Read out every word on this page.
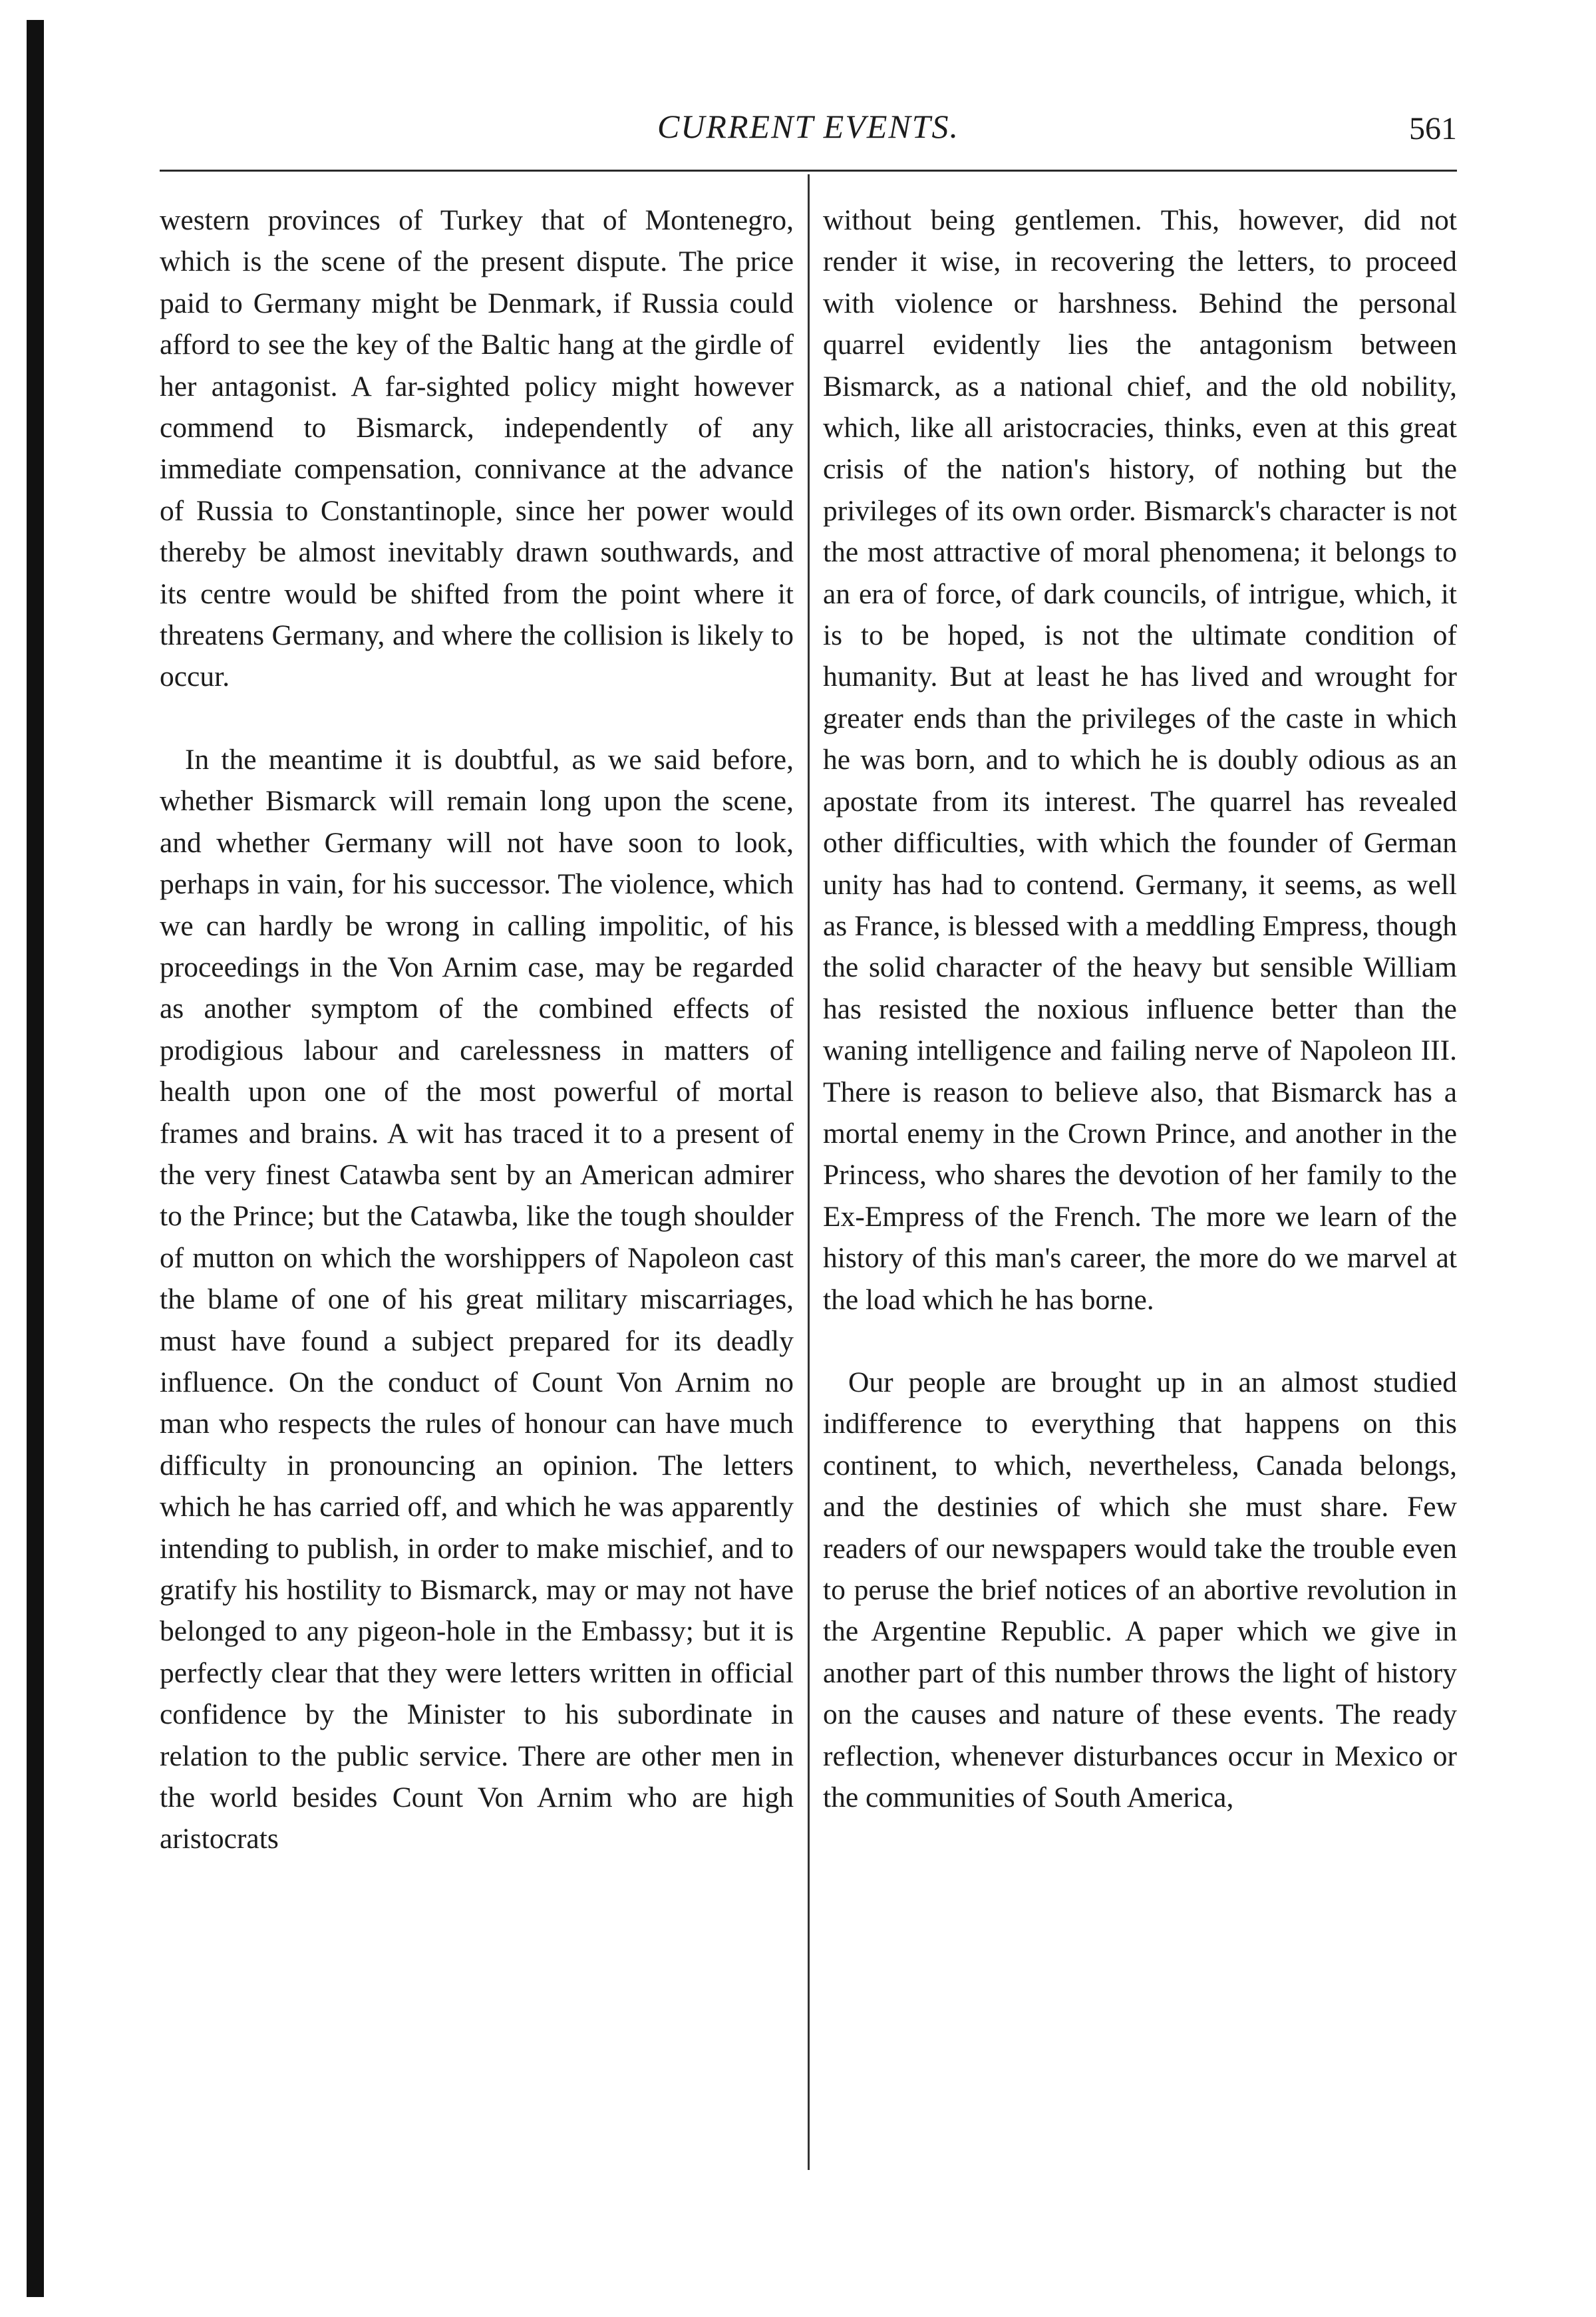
CURRENT EVENTS.	561

western provinces of Turkey that of Montenegro, which is the scene of the present dispute. The price paid to Germany might be Denmark, if Russia could afford to see the key of the Baltic hang at the girdle of her antagonist. A far-sighted policy might however commend to Bismarck, independently of any immediate compensation, connivance at the advance of Russia to Constantinople, since her power would thereby be almost inevitably drawn southwards, and its centre would be shifted from the point where it threatens Germany, and where the collision is likely to occur.

In the meantime it is doubtful, as we said before, whether Bismarck will remain long upon the scene, and whether Germany will not have soon to look, perhaps in vain, for his successor. The violence, which we can hardly be wrong in calling impolitic, of his proceedings in the Von Arnim case, may be regarded as another symptom of the combined effects of prodigious labour and carelessness in matters of health upon one of the most powerful of mortal frames and brains. A wit has traced it to a present of the very finest Catawba sent by an American admirer to the Prince; but the Catawba, like the tough shoulder of mutton on which the worshippers of Napoleon cast the blame of one of his great military miscarriages, must have found a subject prepared for its deadly influence. On the conduct of Count Von Arnim no man who respects the rules of honour can have much difficulty in pronouncing an opinion. The letters which he has carried off, and which he was apparently intending to publish, in order to make mischief, and to gratify his hostility to Bismarck, may or may not have belonged to any pigeon-hole in the Embassy; but it is perfectly clear that they were letters written in official confidence by the Minister to his subordinate in relation to the public service. There are other men in the world besides Count Von Arnim who are high aristocrats

without being gentlemen. This, however, did not render it wise, in recovering the letters, to proceed with violence or harshness. Behind the personal quarrel evidently lies the antagonism between Bismarck, as a national chief, and the old nobility, which, like all aristocracies, thinks, even at this great crisis of the nation's history, of nothing but the privileges of its own order. Bismarck's character is not the most attractive of moral phenomena; it belongs to an era of force, of dark councils, of intrigue, which, it is to be hoped, is not the ultimate condition of humanity. But at least he has lived and wrought for greater ends than the privileges of the caste in which he was born, and to which he is doubly odious as an apostate from its interest. The quarrel has revealed other difficulties, with which the founder of German unity has had to contend. Germany, it seems, as well as France, is blessed with a meddling Empress, though the solid character of the heavy but sensible William has resisted the noxious influence better than the waning intelligence and failing nerve of Napoleon III. There is reason to believe also, that Bismarck has a mortal enemy in the Crown Prince, and another in the Princess, who shares the devotion of her family to the Ex-Empress of the French. The more we learn of the history of this man's career, the more do we marvel at the load which he has borne.

Our people are brought up in an almost studied indifference to everything that happens on this continent, to which, nevertheless, Canada belongs, and the destinies of which she must share. Few readers of our newspapers would take the trouble even to peruse the brief notices of an abortive revolution in the Argentine Republic. A paper which we give in another part of this number throws the light of history on the causes and nature of these events. The ready reflection, whenever disturbances occur in Mexico or the communities of South America,
